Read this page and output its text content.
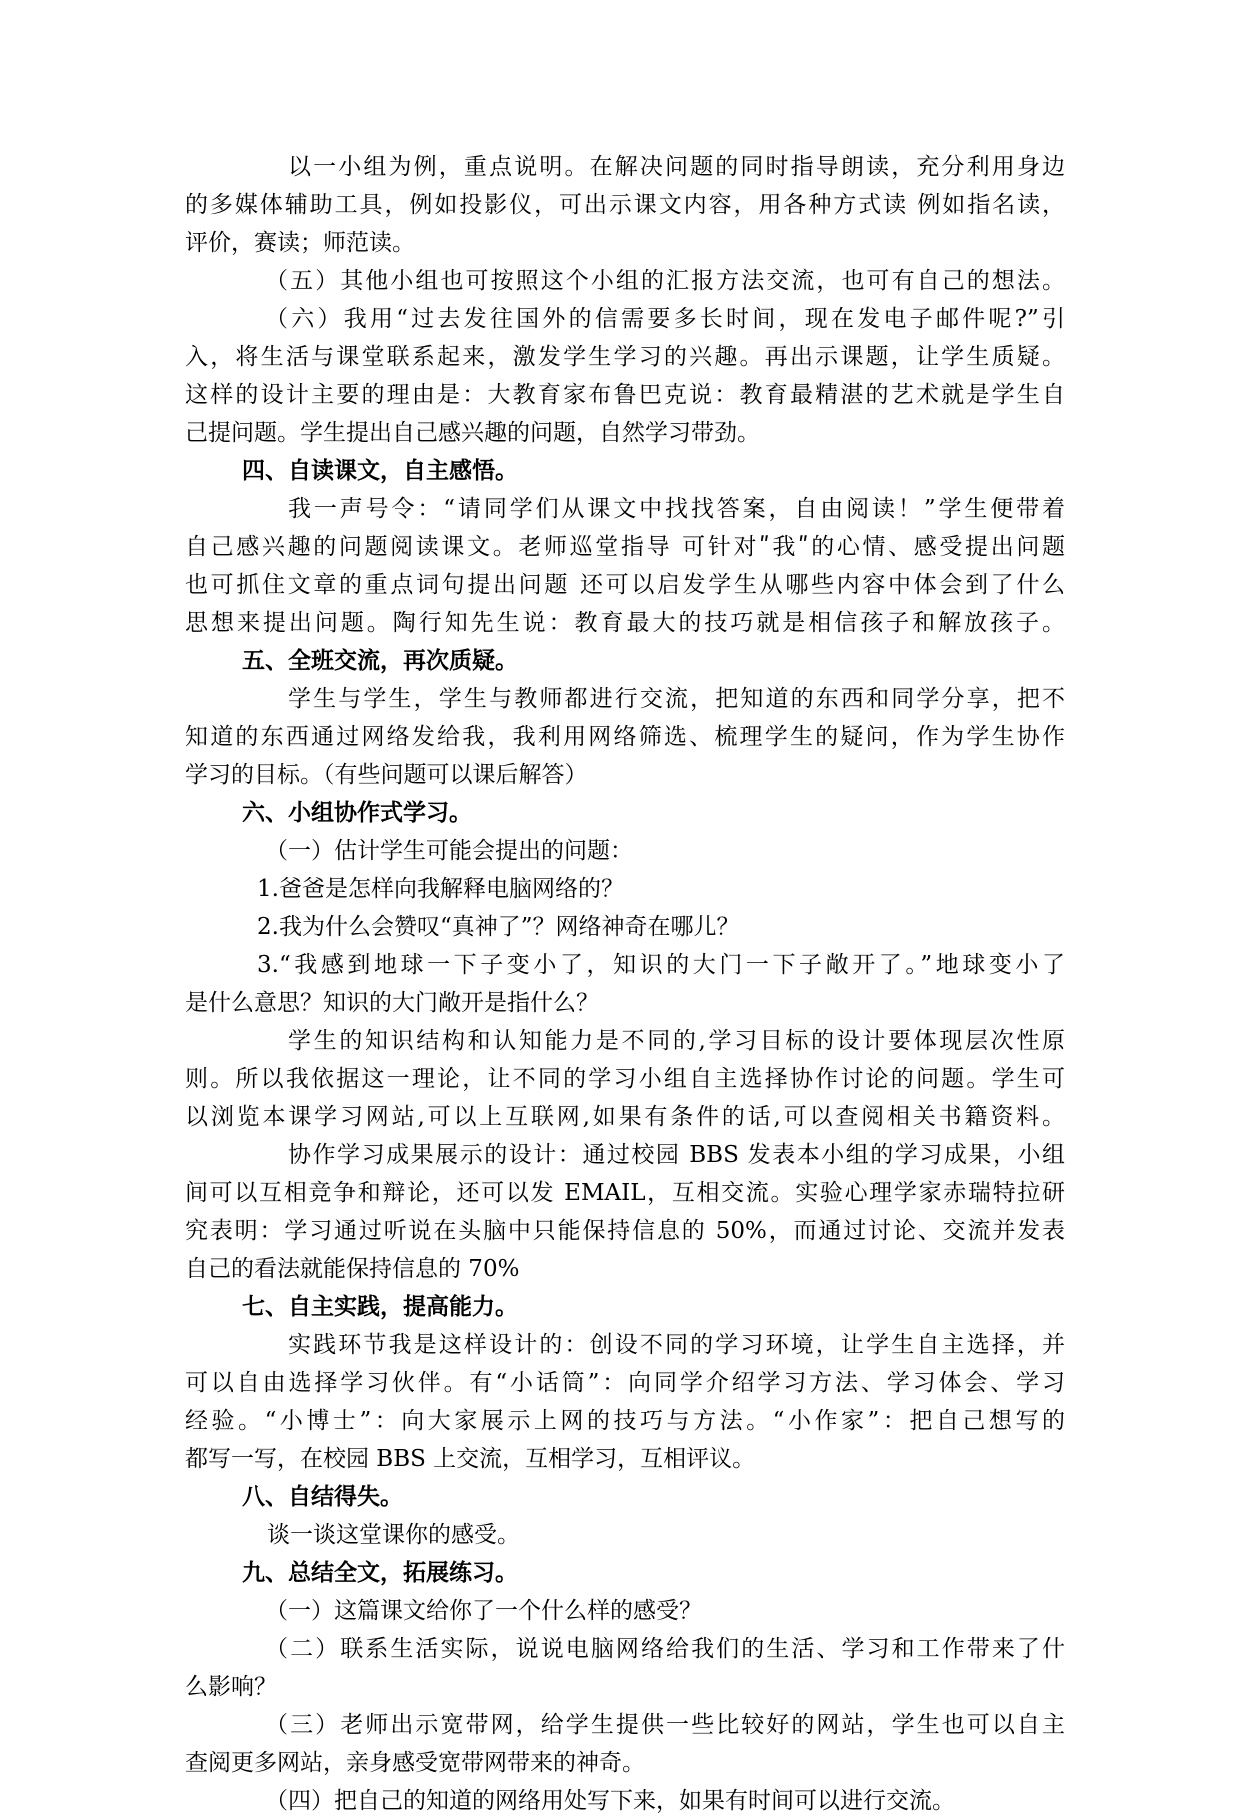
以一小组为例，重点说明。在解决问题的同时指导朗读，充分利用身边
的多媒体辅助工具，例如投影仪，可出示课文内容，用各种方式读 例如指名读，
评价，赛读；师范读。
（五）其他小组也可按照这个小组的汇报方法交流，也可有自己的想法。
（六）我用“过去发往国外的信需要多长时间，现在发电子邮件呢?”引
入，将生活与课堂联系起来，激发学生学习的兴趣。再出示课题，让学生质疑。
这样的设计主要的理由是：大教育家布鲁巴克说：教育最精湛的艺术就是学生自
己提问题。学生提出自己感兴趣的问题，自然学习带劲。
四、自读课文，自主感悟。
我一声号令：“请同学们从课文中找找答案，自由阅读！”学生便带着
自己感兴趣的问题阅读课文。老师巡堂指导 可针对ʺ我ʺ的心情、感受提出问题
也可抓住文章的重点词句提出问题 还可以启发学生从哪些内容中体会到了什么
思想来提出问题。陶行知先生说：教育最大的技巧就是相信孩子和解放孩子。
五、全班交流，再次质疑。
学生与学生，学生与教师都进行交流，把知道的东西和同学分享，把不
知道的东西通过网络发给我，我利用网络筛选、梳理学生的疑问，作为学生协作
学习的目标。（有些问题可以课后解答）
六、小组协作式学习。
（一）估计学生可能会提出的问题：
1.爸爸是怎样向我解释电脑网络的？
2.我为什么会赞叹“真神了”？网络神奇在哪儿？
3.“我感到地球一下子变小了，知识的大门一下子敞开了。”地球变小了
是什么意思？知识的大门敞开是指什么？
学生的知识结构和认知能力是不同的,学习目标的设计要体现层次性原
则。所以我依据这一理论，让不同的学习小组自主选择协作讨论的问题。学生可
以浏览本课学习网站,可以上互联网,如果有条件的话,可以查阅相关书籍资料。
协作学习成果展示的设计：通过校园 BBS 发表本小组的学习成果，小组
间可以互相竞争和辩论，还可以发 EMAIL，互相交流。实验心理学家赤瑞特拉研
究表明：学习通过听说在头脑中只能保持信息的 50%，而通过讨论、交流并发表
自己的看法就能保持信息的 70%
七、自主实践，提高能力。
实践环节我是这样设计的：创设不同的学习环境，让学生自主选择，并
可以自由选择学习伙伴。有“小话筒”：向同学介绍学习方法、学习体会、学习
经验。“小博士”：向大家展示上网的技巧与方法。“小作家”：把自己想写的
都写一写，在校园 BBS 上交流，互相学习，互相评议。
八、自结得失。
谈一谈这堂课你的感受。
九、总结全文，拓展练习。
（一）这篇课文给你了一个什么样的感受？
（二）联系生活实际，说说电脑网络给我们的生活、学习和工作带来了什
么影响？
（三）老师出示宽带网，给学生提供一些比较好的网站，学生也可以自主
查阅更多网站，亲身感受宽带网带来的神奇。
（四）把自己的知道的网络用处写下来，如果有时间可以进行交流。
